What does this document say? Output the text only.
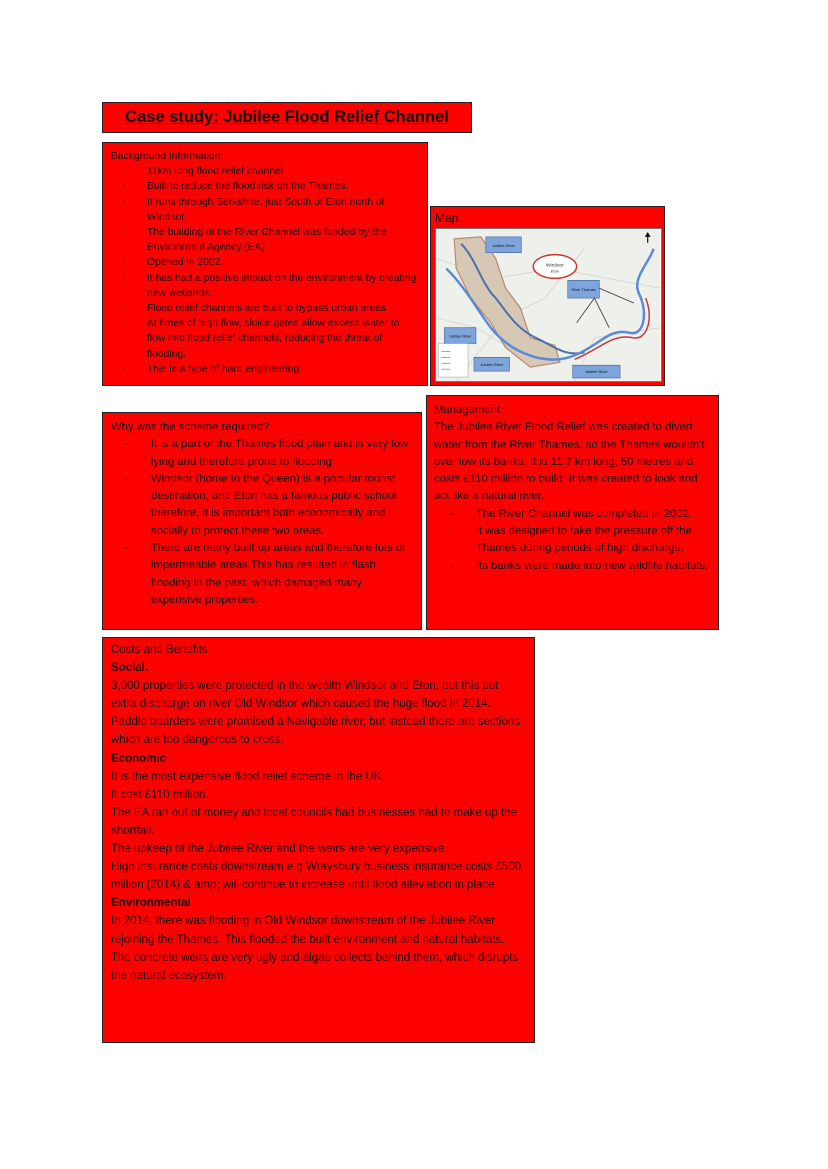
Case study: Jubilee Flood Relief Channel
Background Information:
- 11km long flood relief channel
- Built to reduce the flood risk on the Thames.
- It runs through Berkshire, just South of Eton north of Windsor.
- The building of the River Channel was funded by the Environment Agency (EA)
- Opened in 2002.
- It has had a positive impact on the environment by creating new wetlands.
- Flood relief channels are built to bypass urban areas.
- At times of high flow, sluice gates allow excess water to flow into flood relief channels, reducing the threat of flooding.
- This is a type of hard engineering.
Map
Windsor
Eton
Jubilee River
River Thames
Jubilee River
Jubilee River
Jubilee River
Why was the scheme required?
- It is a part of the Thames flood plain and is very low lying and therefore prone to flooding.
- Windsor (home to the Queen) is a popular tourist destination, and Eton has a famous public school therefore, it is important both economically and socially to protect these two areas.
- There are many built up areas and therefore lots of impermeable areas.This has resulted in flash flooding in the past, which damaged many expensive properties.
Management:
The Jubilee River Flood Relief was created to divert water from the River Thames, so the Thames wouldn't overflow its banks. It is 11.7 km long, 50 metres and costs £110 million to build. It was created to look and act like a natural river.
- The River Channel was completed in 2002.
- It was designed to take the pressure off the Thames during periods of high discharge.
- Its banks were made into new wildlife habitats.
Costs and Benefits
Social.
3,000 properties were protected in the wealth Windsor and Eton, but this put extra discharge on river Old Windsor which caused the huge flood in 2014.
Paddle boarders were promised a Navigable river, but instead there are sections which are too dangerous to cross.
Economic
It is the most expensive flood relief scheme in the UK.
It cost £110 million.
The EA ran out of money and local councils had businesses had to make up the shortfall.
The upkeep of the Jubilee River and the weirs are very expensive.
High insurance costs downstream e.g Wraysbury business insurance costs £500 million (2014) & amp; will continue to increase until flood alleviation in place.
Environmental
In 2014, there was flooding in Old Windsor downstream of the Jubilee River rejoining the Thames. This flooded the built environment and natural habitats.
The concrete weirs are very ugly and algae collects behind them, which disrupts the natural ecosystem.
